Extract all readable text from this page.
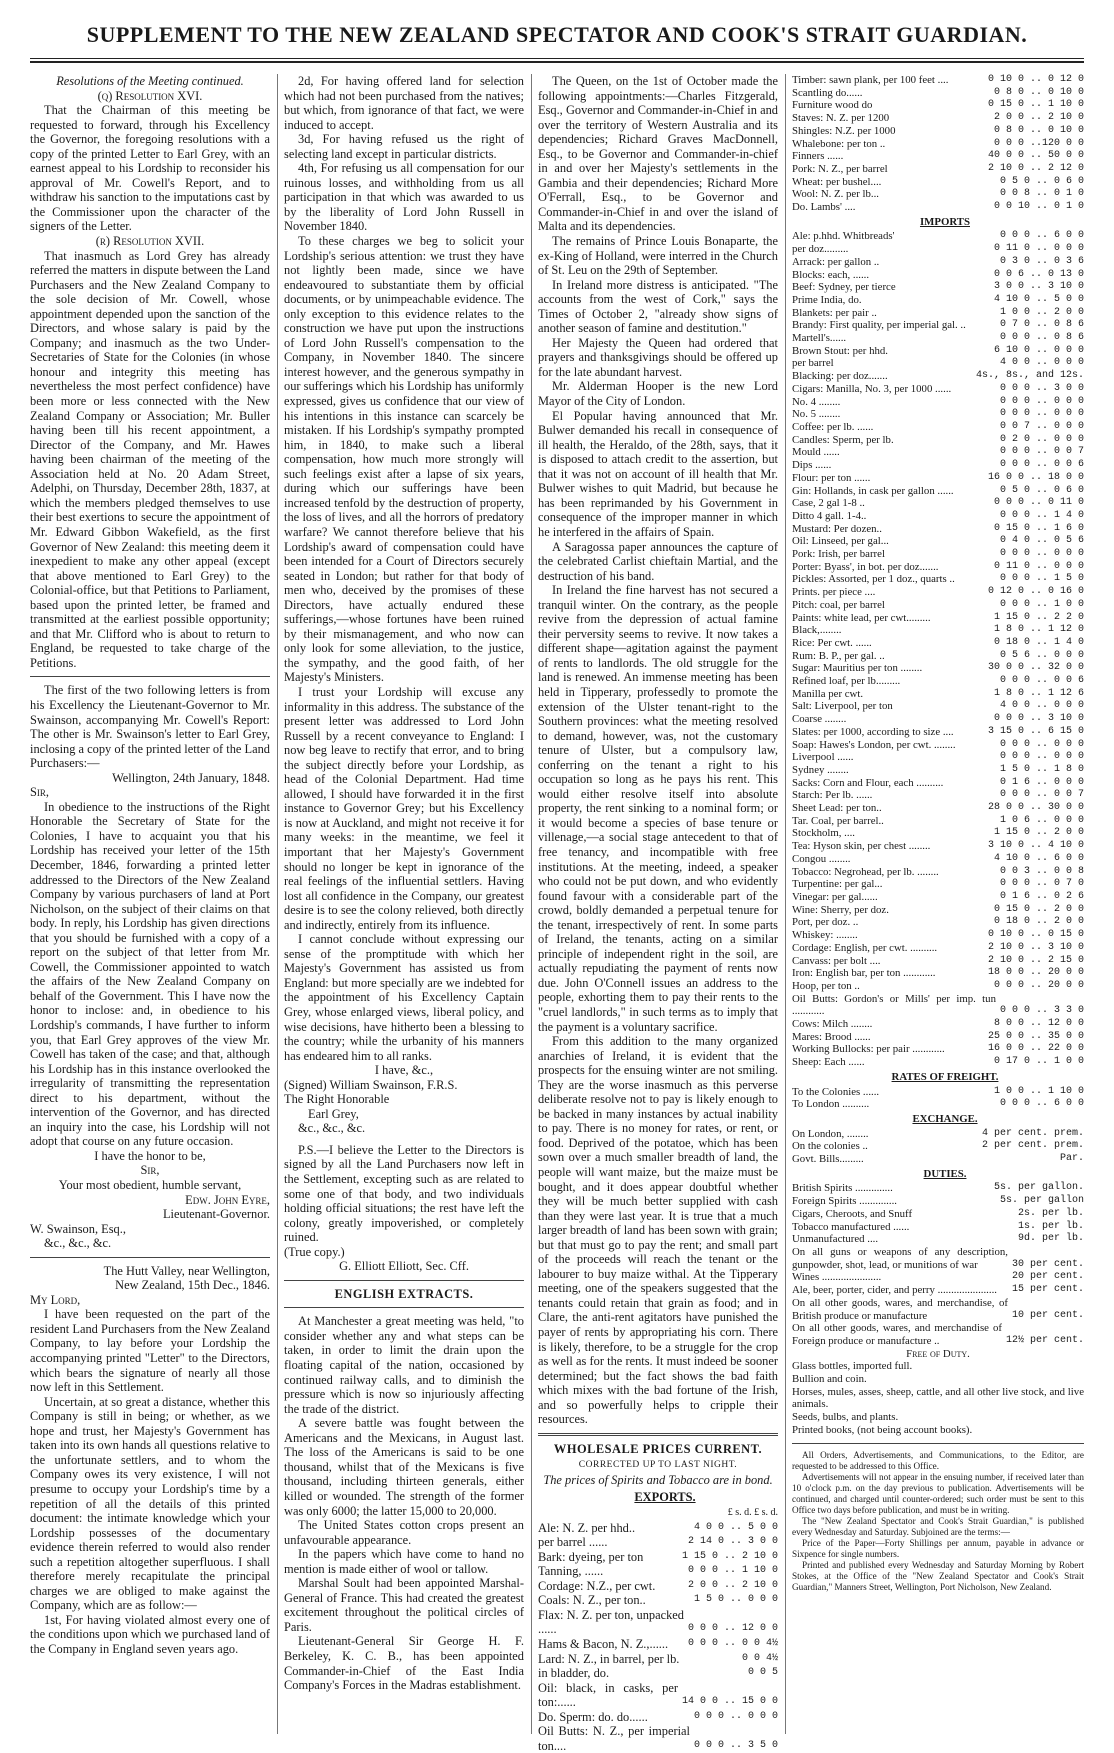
SUPPLEMENT TO THE NEW ZEALAND SPECTATOR AND COOK'S STRAIT GUARDIAN.

Resolutions of the Meeting continued.

(q) Resolution XVI.

That the Chairman of this meeting be requested to forward, through his Excellency the Governor, the foregoing resolutions with a copy of the printed Letter to Earl Grey, with an earnest appeal to his Lordship to reconsider his approval of Mr. Cowell's Report, and to withdraw his sanction to the imputations cast by the Commissioner upon the character of the signers of the Letter.

(r) Resolution XVII.

That inasmuch as Lord Grey has already referred the matters in dispute between the Land Purchasers and the New Zealand Company to the sole decision of Mr. Cowell, whose appointment depended upon the sanction of the Directors, and whose salary is paid by the Company; and inasmuch as the two Under-Secretaries of State for the Colonies (in whose honour and integrity this meeting has nevertheless the most perfect confidence) have been more or less connected with the New Zealand Company or Association; Mr. Buller having been till his recent appointment, a Director of the Company, and Mr. Hawes having been chairman of the meeting of the Association held at No. 20 Adam Street, Adelphi, on Thursday, December 28th, 1837, at which the members pledged themselves to use their best exertions to secure the appointment of Mr. Edward Gibbon Wakefield, as the first Governor of New Zealand: this meeting deem it inexpedient to make any other appeal (except that above mentioned to Earl Grey) to the Colonial-office, but that Petitions to Parliament, based upon the printed letter, be framed and transmitted at the earliest possible opportunity; and that Mr. Clifford who is about to return to England, be requested to take charge of the Petitions.

The first of the two following letters is from his Excellency the Lieutenant-Governor to Mr. Swainson, accompanying Mr. Cowell's Report: The other is Mr. Swainson's letter to Earl Grey, inclosing a copy of the printed letter of the Land Purchasers:—

Wellington, 24th January, 1848.

Sir,

In obedience to the instructions of the Right Honorable the Secretary of State for the Colonies, I have to acquaint you that his Lordship has received your letter of the 15th December, 1846, forwarding a printed letter addressed to the Directors of the New Zealand Company by various purchasers of land at Port Nicholson, on the subject of their claims on that body. In reply, his Lordship has given directions that you should be furnished with a copy of a report on the subject of that letter from Mr. Cowell, the Commissioner appointed to watch the affairs of the New Zealand Company on behalf of the Government. This I have now the honor to inclose: and, in obedience to his Lordship's commands, I have further to inform you, that Earl Grey approves of the view Mr. Cowell has taken of the case; and that, although his Lordship has in this instance overlooked the irregularity of transmitting the representation direct to his department, without the intervention of the Governor, and has directed an inquiry into the case, his Lordship will not adopt that course on any future occasion.

I have the honor to be,

Sir,

Your most obedient, humble servant,

Edw. John Eyre,

Lieutenant-Governor.

W. Swainson, Esq.,

&c., &c., &c.

The Hutt Valley, near Wellington,

New Zealand, 15th Dec., 1846.

My Lord,

I have been requested on the part of the resident Land Purchasers from the New Zealand Company, to lay before your Lordship the accompanying printed "Letter" to the Directors, which bears the signature of nearly all those now left in this Settlement.

Uncertain, at so great a distance, whether this Company is still in being; or whether, as we hope and trust, her Majesty's Government has taken into its own hands all questions relative to the unfortunate settlers, and to whom the Company owes its very existence, I will not presume to occupy your Lordship's time by a repetition of all the details of this printed document: the intimate knowledge which your Lordship possesses of the documentary evidence therein referred to would also render such a repetition altogether superfluous. I shall therefore merely recapitulate the principal charges we are obliged to make against the Company, which are as follow:—

1st, For having violated almost every one of the conditions upon which we purchased land of the Company in England seven years ago.

2d, For having offered land for selection which had not been purchased from the natives; but which, from ignorance of that fact, we were induced to accept.

3d, For having refused us the right of selecting land except in particular districts.

4th, For refusing us all compensation for our ruinous losses, and withholding from us all participation in that which was awarded to us by the liberality of Lord John Russell in November 1840.

To these charges we beg to solicit your Lordship's serious attention: we trust they have not lightly been made, since we have endeavoured to substantiate them by official documents, or by unimpeachable evidence. The only exception to this evidence relates to the construction we have put upon the instructions of Lord John Russell's compensation to the Company, in November 1840. The sincere interest however, and the generous sympathy in our sufferings which his Lordship has uniformly expressed, gives us confidence that our view of his intentions in this instance can scarcely be mistaken. If his Lordship's sympathy prompted him, in 1840, to make such a liberal compensation, how much more strongly will such feelings exist after a lapse of six years, during which our sufferings have been increased tenfold by the destruction of property, the loss of lives, and all the horrors of predatory warfare? We cannot therefore believe that his Lordship's award of compensation could have been intended for a Court of Directors securely seated in London; but rather for that body of men who, deceived by the promises of these Directors, have actually endured these sufferings,—whose fortunes have been ruined by their mismanagement, and who now can only look for some alleviation, to the justice, the sympathy, and the good faith, of her Majesty's Ministers.

I trust your Lordship will excuse any informality in this address. The substance of the present letter was addressed to Lord John Russell by a recent conveyance to England: I now beg leave to rectify that error, and to bring the subject directly before your Lordship, as head of the Colonial Department. Had time allowed, I should have forwarded it in the first instance to Governor Grey; but his Excellency is now at Auckland, and might not receive it for many weeks: in the meantime, we feel it important that her Majesty's Government should no longer be kept in ignorance of the real feelings of the influential settlers. Having lost all confidence in the Company, our greatest desire is to see the colony relieved, both directly and indirectly, entirely from its influence.

I cannot conclude without expressing our sense of the promptitude with which her Majesty's Government has assisted us from England: but more specially are we indebted for the appointment of his Excellency Captain Grey, whose enlarged views, liberal policy, and wise decisions, have hitherto been a blessing to the country; while the urbanity of his manners has endeared him to all ranks.

I have, &c.,

(Signed) William Swainson, F.R.S.

The Right Honorable

Earl Grey,

&c., &c., &c.

P.S.—I believe the Letter to the Directors is signed by all the Land Purchasers now left in the Settlement, excepting such as are related to some one of that body, and two individuals holding official situations; the rest have left the colony, greatly impoverished, or completely ruined.

(True copy.)

G. Elliott Elliott, Sec. Cff.

ENGLISH EXTRACTS.

At Manchester a great meeting was held, "to consider whether any and what steps can be taken, in order to limit the drain upon the floating capital of the nation, occasioned by continued railway calls, and to diminish the pressure which is now so injuriously affecting the trade of the district.

A severe battle was fought between the Americans and the Mexicans, in August last. The loss of the Americans is said to be one thousand, whilst that of the Mexicans is five thousand, including thirteen generals, either killed or wounded. The strength of the former was only 6000; the latter 15,000 to 20,000.

The United States cotton crops present an unfavourable appearance.

In the papers which have come to hand no mention is made either of wool or tallow.

Marshal Soult had been appointed Marshal-General of France. This had created the greatest excitement throughout the political circles of Paris.

Lieutenant-General Sir George H. F. Berkeley, K. C. B., has been appointed Commander-in-Chief of the East India Company's Forces in the Madras establishment.

The Queen, on the 1st of October made the following appointments:—Charles Fitzgerald, Esq., Governor and Commander-in-Chief in and over the territory of Western Australia and its dependencies; Richard Graves MacDonnell, Esq., to be Governor and Commander-in-chief in and over her Majesty's settlements in the Gambia and their dependencies; Richard More O'Ferrall, Esq., to be Governor and Commander-in-Chief in and over the island of Malta and its dependencies.

The remains of Prince Louis Bonaparte, the ex-King of Holland, were interred in the Church of St. Leu on the 29th of September.

In Ireland more distress is anticipated. "The accounts from the west of Cork," says the Times of October 2, "already show signs of another season of famine and destitution."

Her Majesty the Queen had ordered that prayers and thanksgivings should be offered up for the late abundant harvest.

Mr. Alderman Hooper is the new Lord Mayor of the City of London.

El Popular having announced that Mr. Bulwer demanded his recall in consequence of ill health, the Heraldo, of the 28th, says, that it is disposed to attach credit to the assertion, but that it was not on account of ill health that Mr. Bulwer wishes to quit Madrid, but because he has been reprimanded by his Government in consequence of the improper manner in which he interfered in the affairs of Spain.

A Saragossa paper announces the capture of the celebrated Carlist chieftain Martial, and the destruction of his band.

In Ireland the fine harvest has not secured a tranquil winter. On the contrary, as the people revive from the depression of actual famine their perversity seems to revive. It now takes a different shape—agitation against the payment of rents to landlords. The old struggle for the land is renewed. An immense meeting has been held in Tipperary, professedly to promote the extension of the Ulster tenant-right to the Southern provinces: what the meeting resolved to demand, however, was, not the customary tenure of Ulster, but a compulsory law, conferring on the tenant a right to his occupation so long as he pays his rent. This would either resolve itself into absolute property, the rent sinking to a nominal form; or it would become a species of base tenure or villenage,—a social stage antecedent to that of free tenancy, and incompatible with free institutions. At the meeting, indeed, a speaker who could not be put down, and who evidently found favour with a considerable part of the crowd, boldly demanded a perpetual tenure for the tenant, irrespectively of rent. In some parts of Ireland, the tenants, acting on a similar principle of independent right in the soil, are actually repudiating the payment of rents now due. John O'Connell issues an address to the people, exhorting them to pay their rents to the "cruel landlords," in such terms as to imply that the payment is a voluntary sacrifice.

From this addition to the many organized anarchies of Ireland, it is evident that the prospects for the ensuing winter are not smiling. They are the worse inasmuch as this perverse deliberate resolve not to pay is likely enough to be backed in many instances by actual inability to pay. There is no money for rates, or rent, or food. Deprived of the potatoe, which has been sown over a much smaller breadth of land, the people will want maize, but the maize must be bought, and it does appear doubtful whether they will be much better supplied with cash than they were last year. It is true that a much larger breadth of land has been sown with grain; but that must go to pay the rent; and small part of the proceeds will reach the tenant or the labourer to buy maize withal. At the Tipperary meeting, one of the speakers suggested that the tenants could retain that grain as food; and in Clare, the anti-rent agitators have punished the payer of rents by appropriating his corn. There is likely, therefore, to be a struggle for the crop as well as for the rents. It must indeed be sooner determined; but the fact shows the bad faith which mixes with the bad fortune of the Irish, and so powerfully helps to cripple their resources.

WHOLESALE PRICES CURRENT.

CORRECTED UP TO LAST NIGHT.

The prices of Spirits and Tobacco are in bond.

EXPORTS.

£ s. d. £ s. d.

Ale: N. Z. per hhd..	4 0 0 .. 5 0 0
per barrel ......	2 14 0 .. 3 0 0
Bark: dyeing, per ton	1 15 0 .. 2 10 0
Tanning, ......	0 0 0 .. 1 10 0
Cordage: N.Z., per cwt.	2 0 0 .. 2 10 0
Coals: N. Z., per ton..	1 5 0 .. 0 0 0
Flax: N. Z. per ton, unpacked ......	0 0 0 .. 12 0 0
Hams & Bacon, N. Z.,......	0 0 0 .. 0 0 4½
Lard: N. Z., in barrel, per lb.	0 0 4½
in bladder, do.	0 0 5
Oil: black, in casks, per ton:......	14 0 0 .. 15 0 0
Do. Sperm: do. do......	0 0 0 .. 0 0 0
Oil Butts: N. Z., per imperial ton....	0 0 0 .. 3 5 0
Timber: sawn plank, per 100 feet ....	0 10 0 .. 0 12 0
Scantling do......	0 8 0 .. 0 10 0
Furniture wood do	0 15 0 .. 1 10 0
Staves: N. Z. per 1200	2 0 0 .. 2 10 0
Shingles: N.Z. per 1000	0 8 0 .. 0 10 0
Whalebone: per ton ..	0 0 0 ..120 0 0
Finners ......	40 0 0 .. 50 0 0
Pork: N. Z., per barrel	2 10 0 .. 2 12 0
Wheat: per bushel....	0 5 0 .. 0 6 0
Wool: N. Z. per lb...	0 0 8 .. 0 1 0
Do. Lambs' ....	0 0 10 .. 0 1 0

IMPORTS

Ale: p.hhd. Whitbreads'	0 0 0 .. 6 0 0
per doz.........	0 11 0 .. 0 0 0
Arrack: per gallon ..	0 3 0 .. 0 3 6
Blocks: each, ......	0 0 6 .. 0 13 0
Beef: Sydney, per tierce	3 0 0 .. 3 10 0
Prime India, do.	4 10 0 .. 5 0 0
Blankets: per pair ..	1 0 0 .. 2 0 0
Brandy: First quality, per imperial gal. ..	0 7 0 .. 0 8 6
Martell's......	0 0 0 .. 0 8 6
Brown Stout: per hhd.	6 10 0 .. 0 0 0
per barrel	4 0 0 .. 0 0 0
Blacking: per doz.......	4s., 8s., and 12s.
Cigars: Manilla, No. 3, per 1000 ......	0 0 0 .. 3 0 0
No. 4 ........	0 0 0 .. 0 0 0
No. 5 ........	0 0 0 .. 0 0 0
Coffee: per lb. ......	0 0 7 .. 0 0 0
Candles: Sperm, per lb.	0 2 0 .. 0 0 0
Mould ......	0 0 0 .. 0 0 7
Dips ......	0 0 0 .. 0 0 6
Flour: per ton ......	16 0 0 .. 18 0 0
Gin: Hollands, in cask per gallon ......	0 5 0 .. 0 6 0
Case, 2 gal 1-8 ..	0 0 0 .. 0 11 0
Ditto 4 gall. 1-4..	0 0 0 .. 1 4 0
Mustard: Per dozen..	0 15 0 .. 1 6 0
Oil: Linseed, per gal...	0 4 0 .. 0 5 6
Pork: Irish, per barrel	0 0 0 .. 0 0 0
Porter: Byass', in bot. per doz.......	0 11 0 .. 0 0 0
Pickles: Assorted, per 1 doz., quarts ..	0 0 0 .. 1 5 0
Prints. per piece ....	0 12 0 .. 0 16 0
Pitch: coal, per barrel	0 0 0 .. 1 0 0
Paints: white lead, per cwt.........	1 15 0 .. 2 2 0
Black,........	1 8 0 .. 1 12 0
Rice: Per cwt. ......	0 18 0 .. 1 4 0
Rum: B. P., per gal. ..	0 5 6 .. 0 0 0
Sugar: Mauritius per ton ........	30 0 0 .. 32 0 0
Refined loaf, per lb.........	0 0 0 .. 0 0 6
Manilla per cwt.	1 8 0 .. 1 12 6
Salt: Liverpool, per ton	4 0 0 .. 0 0 0
Coarse ........	0 0 0 .. 3 10 0
Slates: per 1000, according to size ....	3 15 0 .. 6 15 0
Soap: Hawes's London, per cwt. ........	0 0 0 .. 0 0 0
Liverpool ......	0 0 0 .. 0 0 0
Sydney ........	1 5 0 .. 1 8 0
Sacks: Corn and Flour, each ..........	0 1 6 .. 0 0 0
Starch: Per lb. ......	0 0 0 .. 0 0 7
Sheet Lead: per ton..	28 0 0 .. 30 0 0
Tar. Coal, per barrel..	1 0 6 .. 0 0 0
Stockholm, ....	1 15 0 .. 2 0 0
Tea: Hyson skin, per chest ........	3 10 0 .. 4 10 0
Congou ........	4 10 0 .. 6 0 0
Tobacco: Negrohead, per lb. ........	0 0 3 .. 0 0 8
Turpentine: per gal...	0 0 0 .. 0 7 0
Vinegar: per gal......	0 1 6 .. 0 2 6
Wine: Sherry, per doz.	0 15 0 .. 2 0 0
Port, per doz. ..	0 18 0 .. 2 0 0
Whiskey: ........	0 10 0 .. 0 15 0
Cordage: English, per cwt. ..........	2 10 0 .. 3 10 0
Canvass: per bolt ....	2 10 0 .. 2 15 0
Iron: English bar, per ton ............	18 0 0 .. 20 0 0
Hoop, per ton ..	0 0 0 .. 20 0 0
Oil Butts: Gordon's or Mills' per imp. tun ............	0 0 0 .. 3 3 0
Cows: Milch ........	8 0 0 .. 12 0 0
Mares: Brood ......	25 0 0 .. 35 0 0
Working Bullocks: per pair ............	16 0 0 .. 22 0 0
Sheep: Each ......	0 17 0 .. 1 0 0

RATES OF FREIGHT.

To the Colonies ......	1 0 0 .. 1 10 0
To London ..........	0 0 0 .. 6 0 0

EXCHANGE.

On London, ........	4 per cent. prem.
On the colonies ..	2 per cent. prem.
Govt. Bills.........	Par.

DUTIES.

British Spirits ..............	5s. per gallon.
Foreign Spirits ..............	5s. per gallon
Cigars, Cheroots, and Snuff	2s. per lb.
Tobacco manufactured ......	1s. per lb.
Unmanufactured ....	9d. per lb.
On all guns or weapons of any description, gunpowder, shot, lead, or munitions of war	30 per cent.
Wines ......................	20 per cent.
Ale, beer, porter, cider, and perry ......................	15 per cent.
On all other goods, wares, and merchandise, of British produce or manufacture	10 per cent.
On all other goods, wares, and merchandise of Foreign produce or manufacture ..	12½ per cent.

Free of Duty.

Glass bottles, imported full.

Bullion and coin.

Horses, mules, asses, sheep, cattle, and all other live stock, and live animals.

Seeds, bulbs, and plants.

Printed books, (not being account books).

All Orders, Advertisements, and Communications, to the Editor, are requested to be addressed to this Office.

Advertisements will not appear in the ensuing number, if received later than 10 o'clock p.m. on the day previous to publication. Advertisements will be continued, and charged until counter-ordered; such order must be sent to this Office two days before publication, and must be in writing.

The "New Zealand Spectator and Cook's Strait Guardian," is published every Wednesday and Saturday. Subjoined are the terms:—

Price of the Paper—Forty Shillings per annum, payable in advance or Sixpence for single numbers.

Printed and published every Wednesday and Saturday Morning by Robert Stokes, at the Office of the "New Zealand Spectator and Cook's Strait Guardian," Manners Street, Wellington, Port Nicholson, New Zealand.
